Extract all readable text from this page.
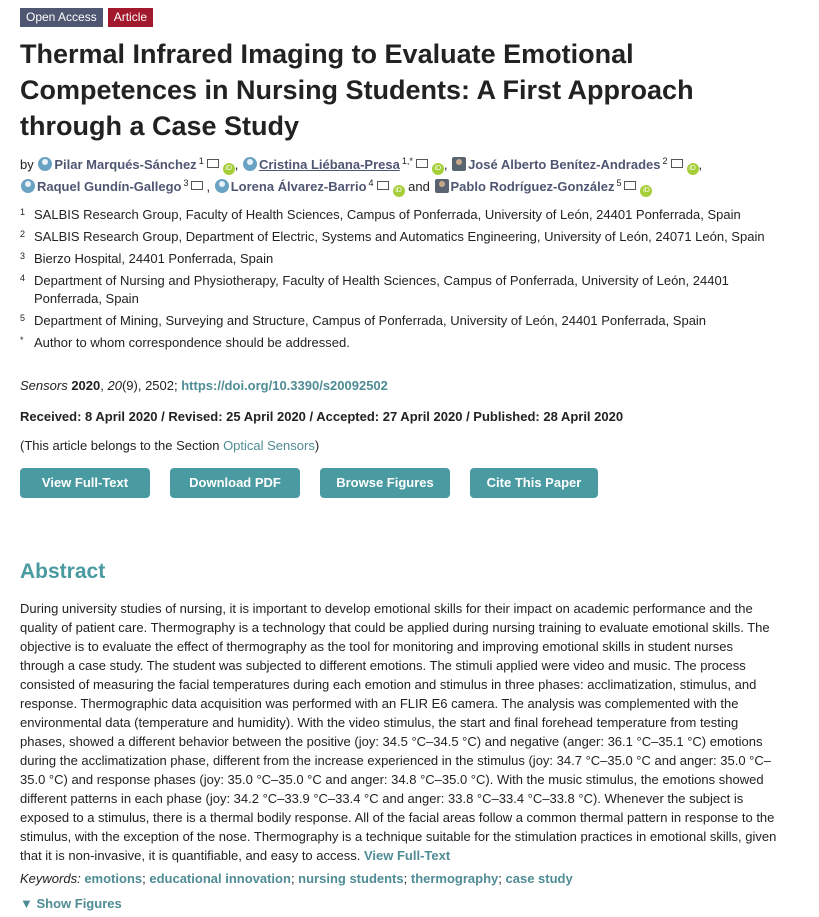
Open Access	Article
Thermal Infrared Imaging to Evaluate Emotional Competences in Nursing Students: A First Approach through a Case Study
by Pilar Marqués-Sánchez $^1$iD , Cristina Liébana-Presa $^{1,*}$iD , José Alberto Benítez-Andrades $^2$iD ,
Raquel Gundín-Gallego $^3$ , Lorena Álvarez-Barrio $^4$iD and Pablo Rodríguez-González $^5$iD
1 SALBIS Research Group, Faculty of Health Sciences, Campus of Ponferrada, University of León, 24401 Ponferrada, Spain
2 SALBIS Research Group, Department of Electric, Systems and Automatics Engineering, University of León, 24071 León, Spain
3 Bierzo Hospital, 24401 Ponferrada, Spain
4 Department of Nursing and Physiotherapy, Faculty of Health Sciences, Campus of Ponferrada, University of León, 24401 Ponferrada, Spain
5 Department of Mining, Surveying and Structure, Campus of Ponferrada, University of León, 24401 Ponferrada, Spain
* Author to whom correspondence should be addressed.
Sensors 2020, 20(9), 2502; https://doi.org/10.3390/s20092502
Received: 8 April 2020 / Revised: 25 April 2020 / Accepted: 27 April 2020 / Published: 28 April 2020
(This article belongs to the Section Optical Sensors)
View Full-Text	Download PDF	Browse Figures	Cite This Paper
Abstract

During university studies of nursing, it is important to develop emotional skills for their impact on academic performance and the quality of patient care. Thermography is a technology that could be applied during nursing training to evaluate emotional skills. The objective is to evaluate the effect of thermography as the tool for monitoring and improving emotional skills in student nurses through a case study. The student was subjected to different emotions. The stimuli applied were video and music. The process consisted of measuring the facial temperatures during each emotion and stimulus in three phases: acclimatization, stimulus, and response. Thermographic data acquisition was performed with an FLIR E6 camera. The analysis was complemented with the environmental data (temperature and humidity). With the video stimulus, the start and final forehead temperature from testing phases, showed a different behavior between the positive (joy: 34.5 °C–34.5 °C) and negative (anger: 36.1 °C–35.1 °C) emotions during the acclimatization phase, different from the increase experienced in the stimulus (joy: 34.7 °C–35.0 °C and anger: 35.0 °C–35.0 °C) and response phases (joy: 35.0 °C–35.0 °C and anger: 34.8 °C–35.0 °C). With the music stimulus, the emotions showed different patterns in each phase (joy: 34.2 °C–33.9 °C–33.4 °C and anger: 33.8 °C–33.4 °C–33.8 °C). Whenever the subject is exposed to a stimulus, there is a thermal bodily response. All of the facial areas follow a common thermal pattern in response to the stimulus, with the exception of the nose. Thermography is a technique suitable for the stimulation practices in emotional skills, given that it is non-invasive, it is quantifiable, and easy to access. View Full-Text

Keywords: emotions; educational innovation; nursing students; thermography; case study
▼ Show Figures
